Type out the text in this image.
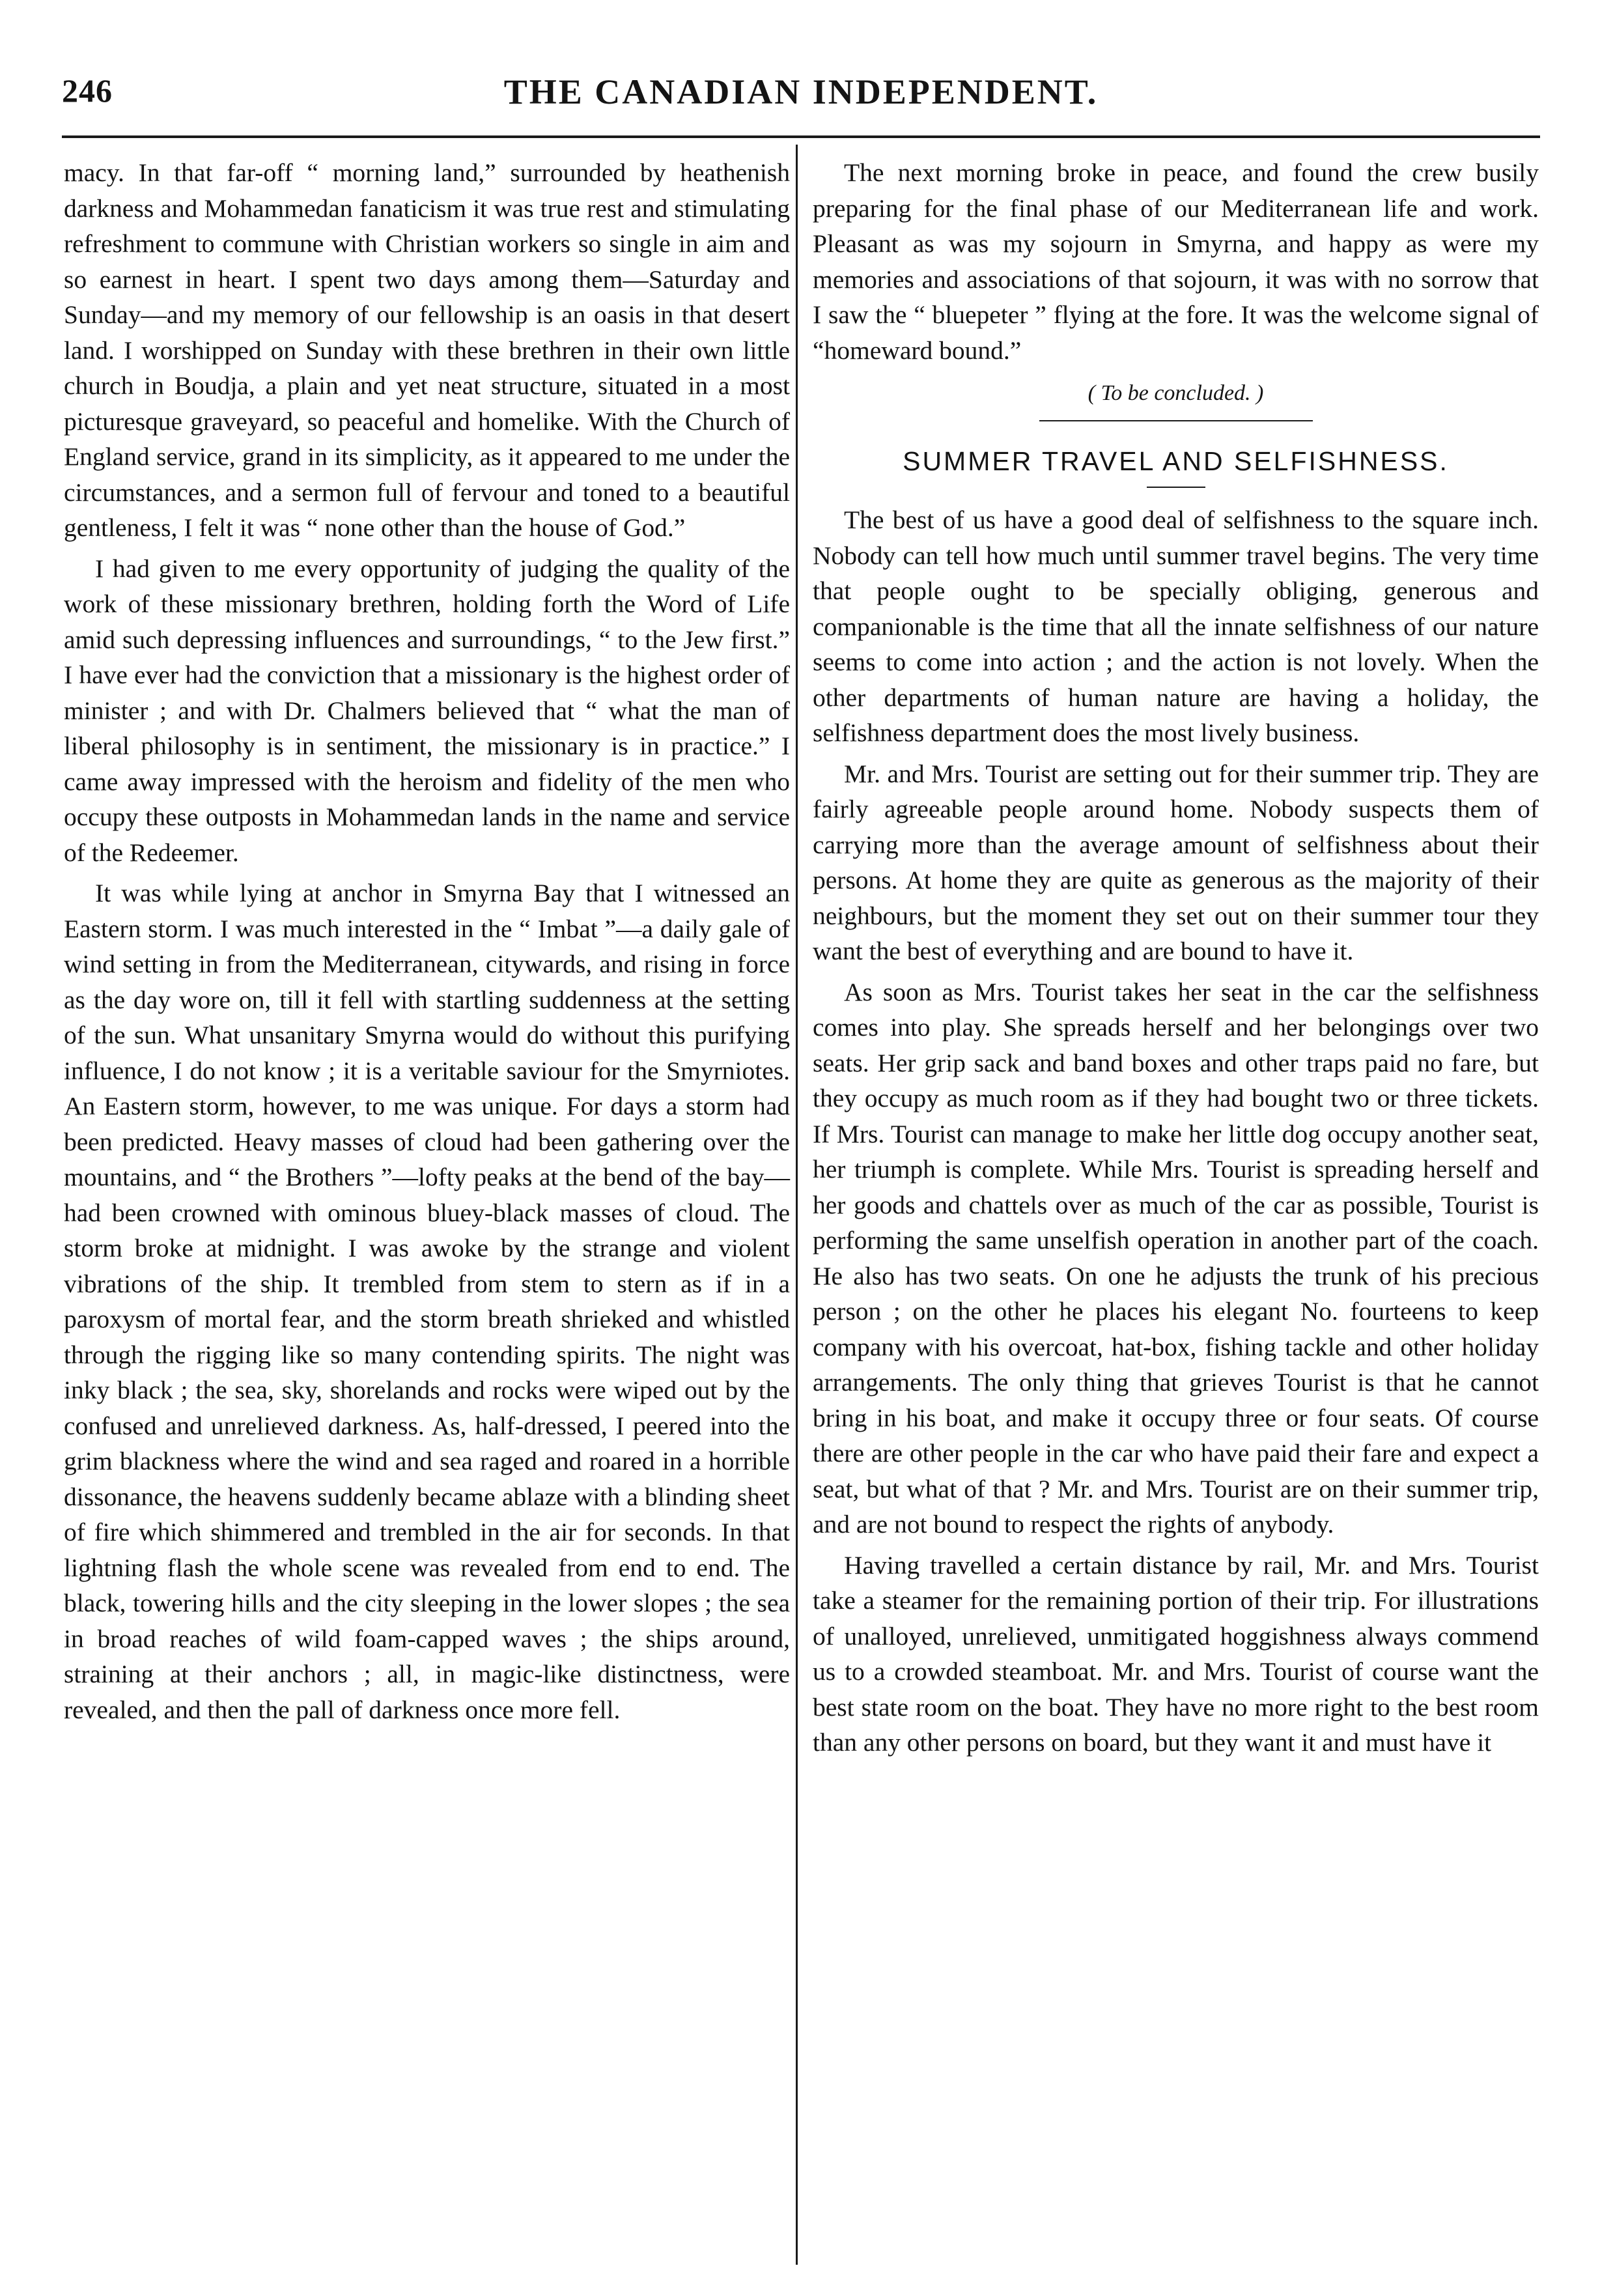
246	THE CANADIAN INDEPENDENT.

macy. In that far-off “ morning land,” surrounded by heathenish darkness and Mohammedan fanaticism it was true rest and stimulating refreshment to commune with Christian workers so single in aim and so earnest in heart. I spent two days among them—Saturday and Sunday—and my memory of our fellowship is an oasis in that desert land. I worshipped on Sunday with these brethren in their own little church in Boudja, a plain and yet neat structure, situated in a most picturesque graveyard, so peaceful and homelike. With the Church of England service, grand in its simplicity, as it appeared to me under the circumstances, and a sermon full of fervour and toned to a beautiful gentleness, I felt it was “ none other than the house of God.”

I had given to me every opportunity of judging the quality of the work of these missionary brethren, holding forth the Word of Life amid such depressing influences and surroundings, “ to the Jew first.” I have ever had the conviction that a missionary is the highest order of minister ; and with Dr. Chalmers believed that “ what the man of liberal philosophy is in sentiment, the missionary is in practice.” I came away impressed with the heroism and fidelity of the men who occupy these outposts in Mohammedan lands in the name and service of the Redeemer.

It was while lying at anchor in Smyrna Bay that I witnessed an Eastern storm. I was much interested in the “ Imbat ”—a daily gale of wind setting in from the Mediterranean, citywards, and rising in force as the day wore on, till it fell with startling suddenness at the setting of the sun. What unsanitary Smyrna would do without this purifying influence, I do not know ; it is a veritable saviour for the Smyrniotes. An Eastern storm, however, to me was unique. For days a storm had been predicted. Heavy masses of cloud had been gathering over the mountains, and “ the Brothers ”—lofty peaks at the bend of the bay—had been crowned with ominous bluey-black masses of cloud. The storm broke at midnight. I was awoke by the strange and violent vibrations of the ship. It trembled from stem to stern as if in a paroxysm of mortal fear, and the storm breath shrieked and whistled through the rigging like so many contending spirits. The night was inky black ; the sea, sky, shorelands and rocks were wiped out by the confused and unrelieved darkness. As, half-dressed, I peered into the grim blackness where the wind and sea raged and roared in a horrible dissonance, the heavens suddenly became ablaze with a blinding sheet of fire which shimmered and trembled in the air for seconds. In that lightning flash the whole scene was revealed from end to end. The black, towering hills and the city sleeping in the lower slopes ; the sea in broad reaches of wild foam-capped waves ; the ships around, straining at their anchors ; all, in magic-like distinctness, were revealed, and then the pall of darkness once more fell.

The next morning broke in peace, and found the crew busily preparing for the final phase of our Mediterranean life and work. Pleasant as was my sojourn in Smyrna, and happy as were my memories and associations of that sojourn, it was with no sorrow that I saw the “ bluepeter ” flying at the fore. It was the welcome signal of “homeward bound.”

( To be concluded. )
SUMMER TRAVEL AND SELFISHNESS.

The best of us have a good deal of selfishness to the square inch. Nobody can tell how much until summer travel begins. The very time that people ought to be specially obliging, generous and companionable is the time that all the innate selfishness of our nature seems to come into action ; and the action is not lovely. When the other departments of human nature are having a holiday, the selfishness department does the most lively business.

Mr. and Mrs. Tourist are setting out for their summer trip. They are fairly agreeable people around home. Nobody suspects them of carrying more than the average amount of selfishness about their persons. At home they are quite as generous as the majority of their neighbours, but the moment they set out on their summer tour they want the best of everything and are bound to have it.

As soon as Mrs. Tourist takes her seat in the car the selfishness comes into play. She spreads herself and her belongings over two seats. Her grip sack and band boxes and other traps paid no fare, but they occupy as much room as if they had bought two or three tickets. If Mrs. Tourist can manage to make her little dog occupy another seat, her triumph is complete. While Mrs. Tourist is spreading herself and her goods and chattels over as much of the car as possible, Tourist is performing the same unselfish operation in another part of the coach. He also has two seats. On one he adjusts the trunk of his precious person ; on the other he places his elegant No. fourteens to keep company with his overcoat, hat-box, fishing tackle and other holiday arrangements. The only thing that grieves Tourist is that he cannot bring in his boat, and make it occupy three or four seats. Of course there are other people in the car who have paid their fare and expect a seat, but what of that ? Mr. and Mrs. Tourist are on their summer trip, and are not bound to respect the rights of anybody.

Having travelled a certain distance by rail, Mr. and Mrs. Tourist take a steamer for the remaining portion of their trip. For illustrations of unalloyed, unrelieved, unmitigated hoggishness always commend us to a crowded steamboat. Mr. and Mrs. Tourist of course want the best state room on the boat. They have no more right to the best room than any other persons on board, but they want it and must have it
